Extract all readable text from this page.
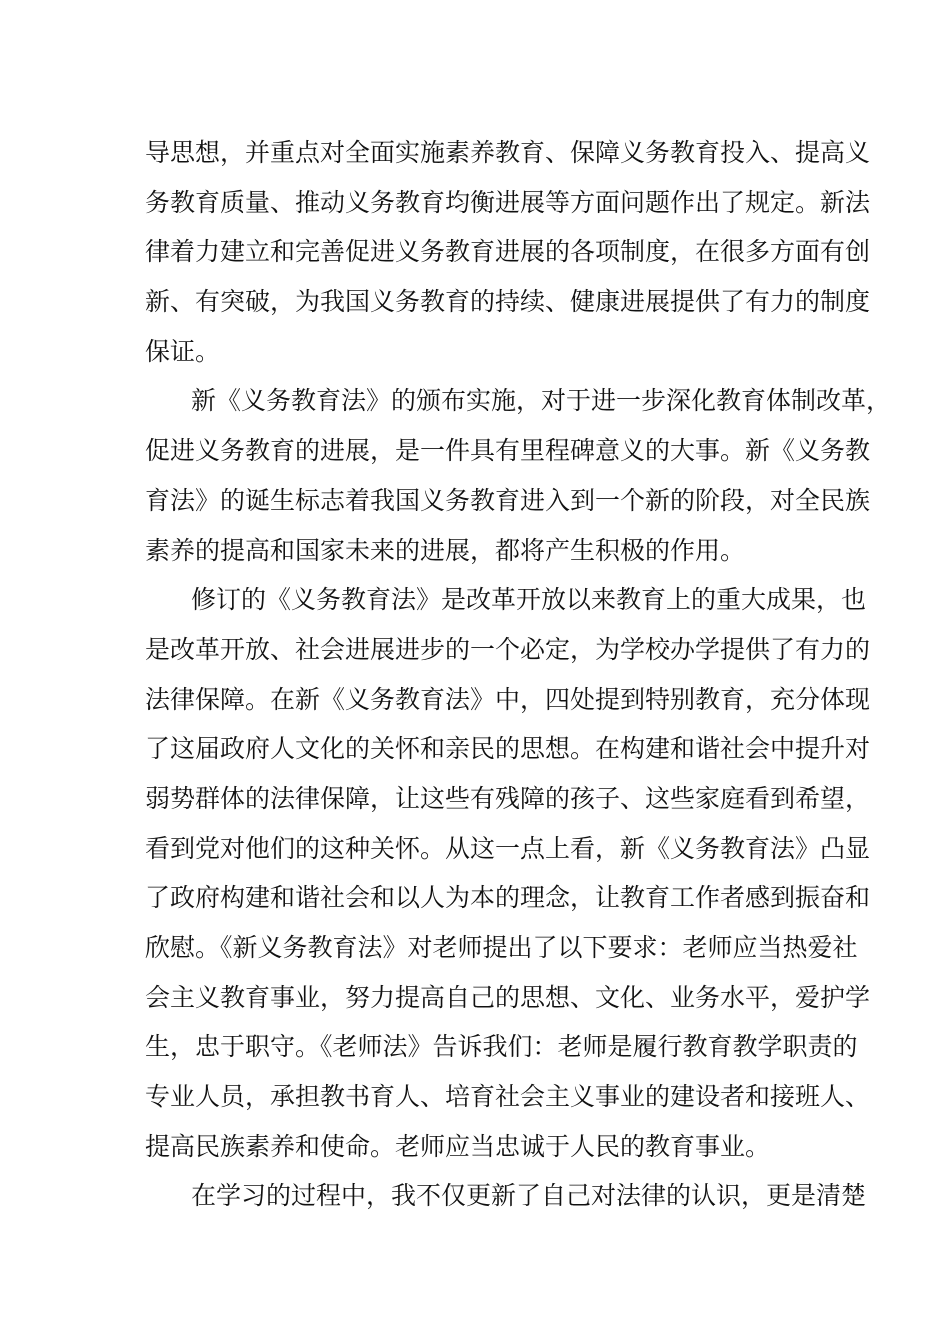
导思想，并重点对全面实施素养教育、保障义务教育投入、提高义
务教育质量、推动义务教育均衡进展等方面问题作出了规定。新法
律着力建立和完善促进义务教育进展的各项制度，在很多方面有创
新、有突破，为我国义务教育的持续、健康进展提供了有力的制度
保证。
新《义务教育法》的颁布实施，对于进一步深化教育体制改革，
促进义务教育的进展，是一件具有里程碑意义的大事。新《义务教
育法》的诞生标志着我国义务教育进入到一个新的阶段，对全民族
素养的提高和国家未来的进展，都将产生积极的作用。
修订的《义务教育法》是改革开放以来教育上的重大成果，也
是改革开放、社会进展进步的一个必定，为学校办学提供了有力的
法律保障。在新《义务教育法》中，四处提到特别教育，充分体现
了这届政府人文化的关怀和亲民的思想。在构建和谐社会中提升对
弱势群体的法律保障，让这些有残障的孩子、这些家庭看到希望，
看到党对他们的这种关怀。从这一点上看，新《义务教育法》凸显
了政府构建和谐社会和以人为本的理念，让教育工作者感到振奋和
欣慰。《新义务教育法》对老师提出了以下要求：老师应当热爱社
会主义教育事业，努力提高自己的思想、文化、业务水平，爱护学
生，忠于职守。《老师法》告诉我们：老师是履行教育教学职责的
专业人员，承担教书育人、培育社会主义事业的建设者和接班人、
提高民族素养和使命。老师应当忠诚于人民的教育事业。
在学习的过程中，我不仅更新了自己对法律的认识，更是清楚
